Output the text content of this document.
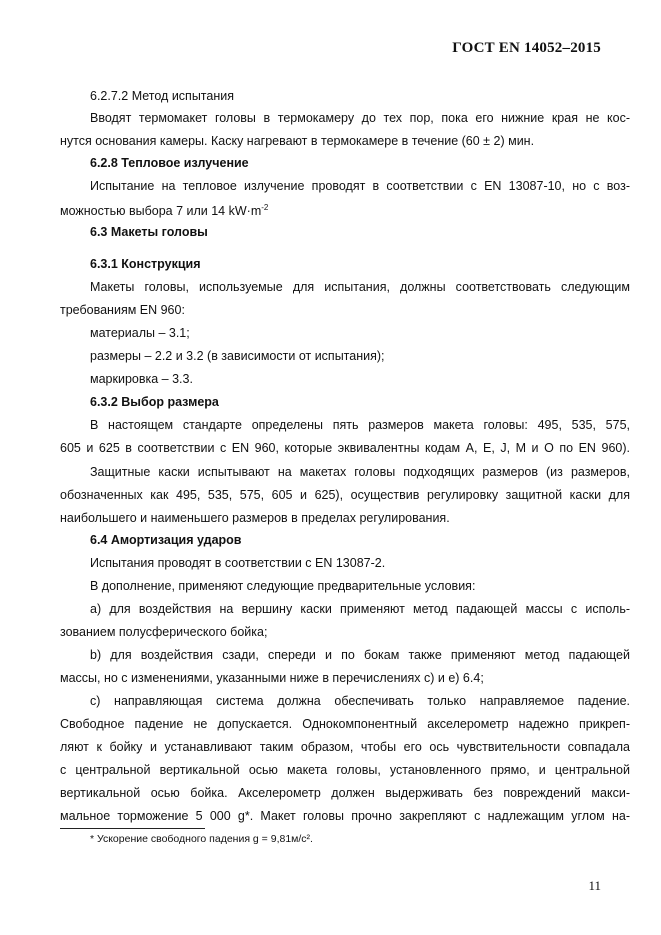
ГОСТ EN 14052–2015
6.2.7.2 Метод испытания
Вводят термомакет головы в термокамеру до тех пор, пока его нижние края не кос-
нутся основания камеры. Каску нагревают в термокамере в течение (60 ± 2) мин.
6.2.8 Тепловое излучение
Испытание на тепловое излучение проводят в соответствии с EN 13087-10, но с воз-
можностью выбора 7 или 14 $kW\cdot m^{-2}$
6.3 Макеты головы
6.3.1 Конструкция
Макеты головы, используемые для испытания, должны соответствовать следующим
требованиям EN 960:
материалы – 3.1;
размеры – 2.2 и 3.2 (в зависимости от испытания);
маркировка – 3.3.
6.3.2 Выбор размера
В настоящем стандарте определены пять размеров макета головы: 495, 535, 575,
605 и 625 в соответствии с EN 960, которые эквивалентны кодам A, E, J, M и O по EN 960).
Защитные каски испытывают на макетах головы подходящих размеров (из размеров,
обозначенных как 495, 535, 575, 605 и 625), осуществив регулировку защитной каски для
наибольшего и наименьшего размеров в пределах регулирования.
6.4 Амортизация ударов
Испытания проводят в соответствии с EN 13087-2.
В дополнение, применяют следующие предварительные условия:
a) для воздействия на вершину каски применяют метод падающей массы с исполь-
зованием полусферического бойка;
b) для воздействия сзади, спереди и по бокам также применяют метод падающей
массы, но с изменениями, указанными ниже в перечислениях с) и е) 6.4;
c) направляющая система должна обеспечивать только направляемое падение.
Свободное падение не допускается. Однокомпонентный акселерометр надежно прикреп-
ляют к бойку и устанавливают таким образом, чтобы его ось чувствительности совпадала
с центральной вертикальной осью макета головы, установленного прямо, и центральной
вертикальной осью бойка. Акселерометр должен выдерживать без повреждений макси-
мальное торможение 5 000 g*. Макет головы прочно закрепляют с надлежащим углом на-
* Ускорение свободного падения g = 9,81м/с².
11
